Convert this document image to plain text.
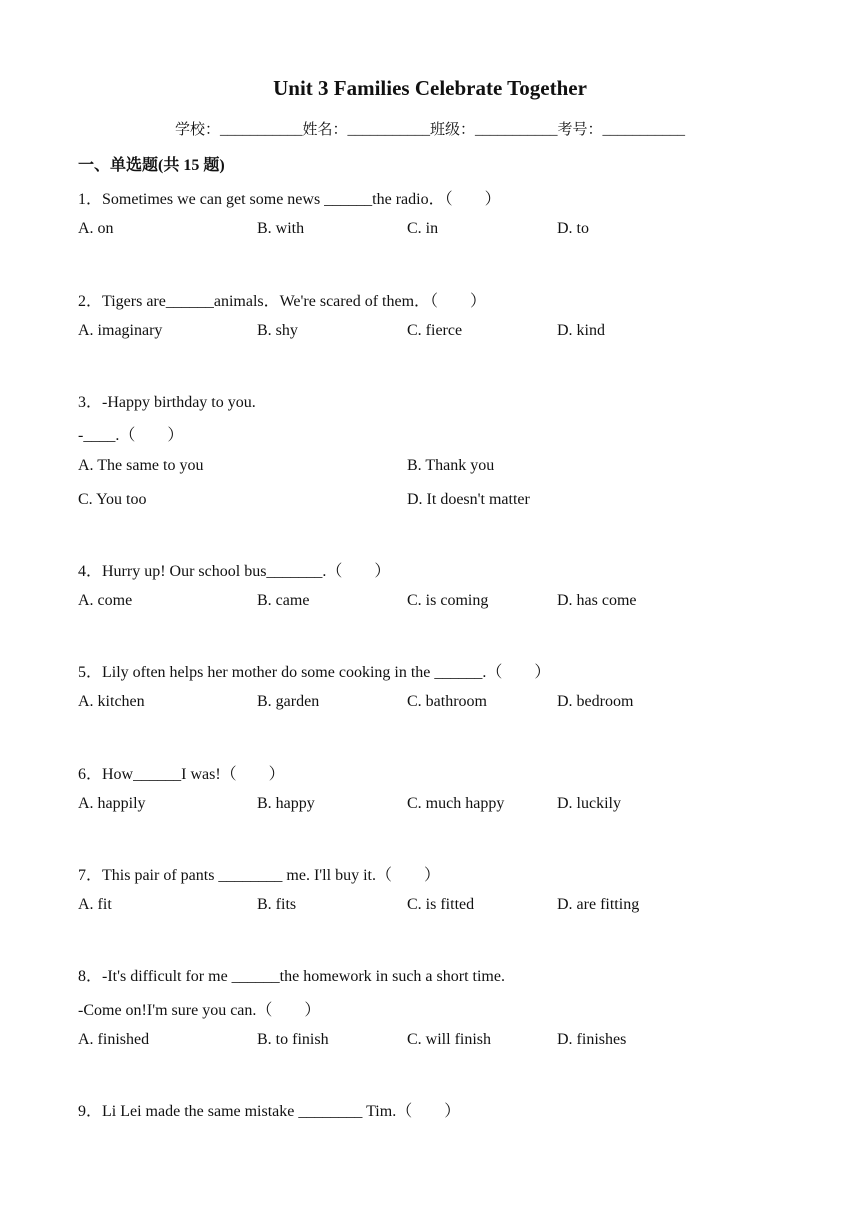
Unit 3 Families Celebrate Together
学校：___________姓名：___________班级：___________考号：___________
一、单选题(共 15 题)
1．Sometimes we can get some news ______the radio．（　　）
A. on	B. with	C. in	D. to
2．Tigers are______animals．We're scared of them．（　　）
A. imaginary	B. shy	C. fierce	D. kind
3．-Happy birthday to you.
-____.（　　）
A. The same to you	B. Thank you
C. You too	D. It doesn't matter
4．Hurry up! Our school bus_______.（　　）
A. come	B. came	C. is coming	D. has come
5．Lily often helps her mother do some cooking in the ______.（　　）
A. kitchen	B. garden	C. bathroom	D. bedroom
6．How______I was!（　　）
A. happily	B. happy	C. much happy	D. luckily
7．This pair of pants ________ me. I'll buy it.（　　）
A. fit	B. fits	C. is fitted	D. are fitting
8．-It's difficult for me ______the homework in such a short time.
-Come on!I'm sure you can.（　　）
A. finished	B. to finish	C. will finish	D. finishes
9．Li Lei made the same mistake ________ Tim.（　　）
